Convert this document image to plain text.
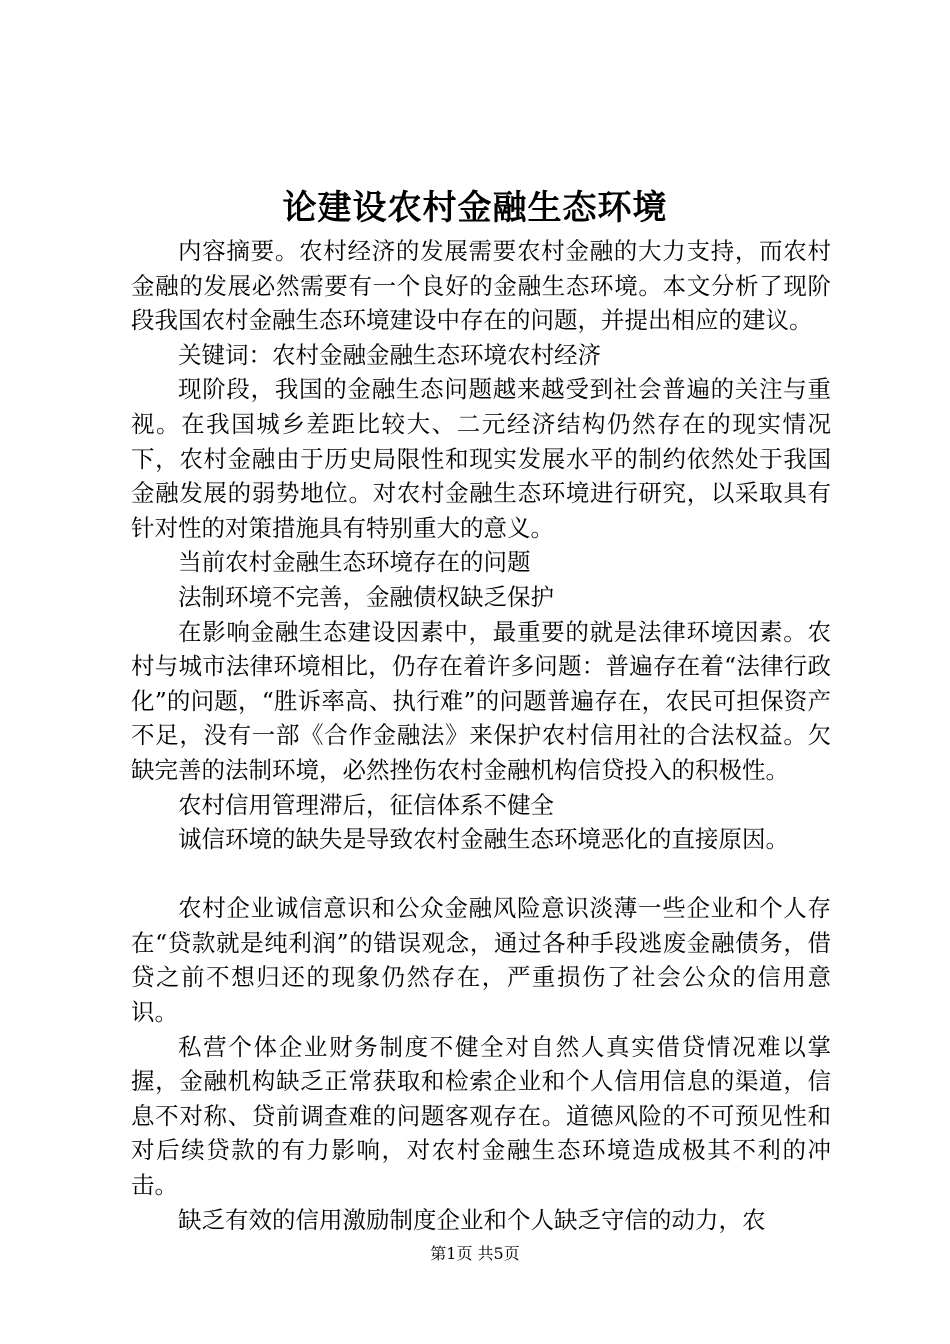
论建设农村金融生态环境

内容摘要。农村经济的发展需要农村金融的大力支持，而农村金融的发展必然需要有一个良好的金融生态环境。本文分析了现阶段我国农村金融生态环境建设中存在的问题，并提出相应的建议。

关键词：农村金融金融生态环境农村经济

现阶段，我国的金融生态问题越来越受到社会普遍的关注与重视。在我国城乡差距比较大、二元经济结构仍然存在的现实情况下，农村金融由于历史局限性和现实发展水平的制约依然处于我国金融发展的弱势地位。对农村金融生态环境进行研究，以采取具有针对性的对策措施具有特别重大的意义。

当前农村金融生态环境存在的问题

法制环境不完善，金融债权缺乏保护

在影响金融生态建设因素中，最重要的就是法律环境因素。农村与城市法律环境相比，仍存在着许多问题：普遍存在着“法律行政化”的问题，“胜诉率高、执行难”的问题普遍存在，农民可担保资产不足，没有一部《合作金融法》来保护农村信用社的合法权益。欠缺完善的法制环境，必然挫伤农村金融机构信贷投入的积极性。

农村信用管理滞后，征信体系不健全

诚信环境的缺失是导致农村金融生态环境恶化的直接原因。

农村企业诚信意识和公众金融风险意识淡薄一些企业和个人存在“贷款就是纯利润”的错误观念，通过各种手段逃废金融债务，借贷之前不想归还的现象仍然存在，严重损伤了社会公众的信用意识。

私营个体企业财务制度不健全对自然人真实借贷情况难以掌握，金融机构缺乏正常获取和检索企业和个人信用信息的渠道，信息不对称、贷前调查难的问题客观存在。道德风险的不可预见性和对后续贷款的有力影响，对农村金融生态环境造成极其不利的冲击。

缺乏有效的信用激励制度企业和个人缺乏守信的动力，农

第1页 共5页
